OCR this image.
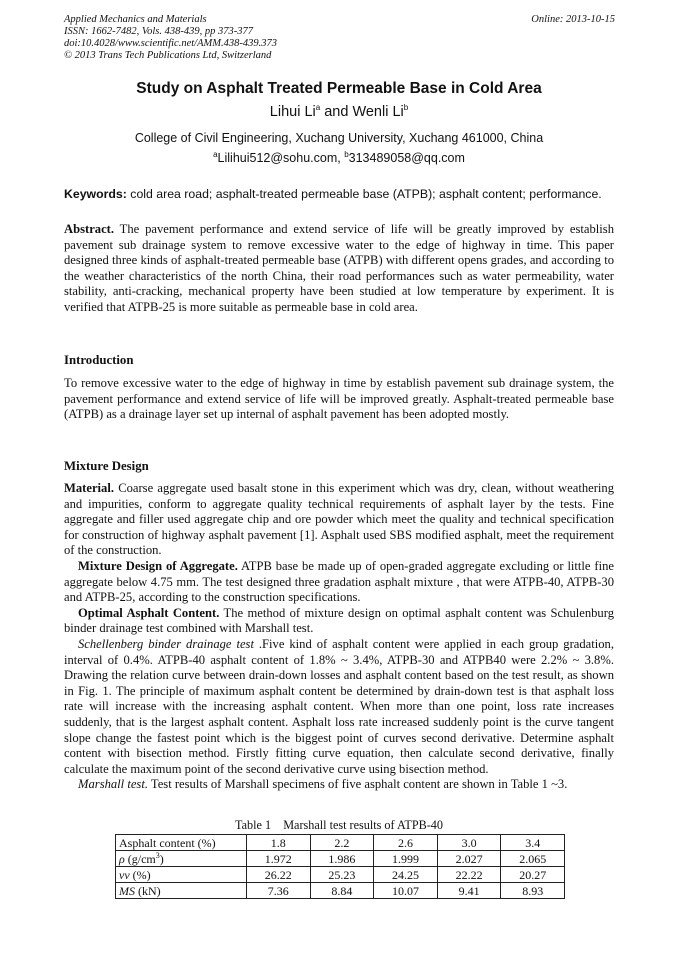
Applied Mechanics and Materials
ISSN: 1662-7482, Vols. 438-439, pp 373-377
doi:10.4028/www.scientific.net/AMM.438-439.373
© 2013 Trans Tech Publications Ltd, Switzerland
Online: 2013-10-15
Study on Asphalt Treated Permeable Base in Cold Area
Lihui Li$^a$ and Wenli Li$^b$
College of Civil Engineering, Xuchang University, Xuchang 461000, China
$^a$Lilihui512@sohu.com, $^b$313489058@qq.com
Keywords: cold area road; asphalt-treated permeable base (ATPB); asphalt content; performance.
Abstract. The pavement performance and extend service of life will be greatly improved by establish pavement sub drainage system to remove excessive water to the edge of highway in time. This paper designed three kinds of asphalt-treated permeable base (ATPB) with different opens grades, and according to the weather characteristics of the north China, their road performances such as water permeability, water stability, anti-cracking, mechanical property have been studied at low temperature by experiment. It is verified that ATPB-25 is more suitable as permeable base in cold area.
Introduction
To remove excessive water to the edge of highway in time by establish pavement sub drainage system, the pavement performance and extend service of life will be improved greatly. Asphalt-treated permeable base (ATPB) as a drainage layer set up internal of asphalt pavement has been adopted mostly.
Mixture Design
Material. Coarse aggregate used basalt stone in this experiment which was dry, clean, without weathering and impurities, conform to aggregate quality technical requirements of asphalt layer by the tests. Fine aggregate and filler used aggregate chip and ore powder which meet the quality and technical specification for construction of highway asphalt pavement [1]. Asphalt used SBS modified asphalt, meet the requirement of the construction.
Mixture Design of Aggregate. ATPB base be made up of open-graded aggregate excluding or little fine aggregate below 4.75 mm. The test designed three gradation asphalt mixture , that were ATPB-40, ATPB-30 and ATPB-25, according to the construction specifications.
Optimal Asphalt Content. The method of mixture design on optimal asphalt content was Schulenburg binder drainage test combined with Marshall test.
Schellenberg binder drainage test .Five kind of asphalt content were applied in each group gradation, interval of 0.4%. ATPB-40 asphalt content of 1.8% ~ 3.4%, ATPB-30 and ATPB40 were 2.2% ~ 3.8%. Drawing the relation curve between drain-down losses and asphalt content based on the test result, as shown in Fig. 1. The principle of maximum asphalt content be determined by drain-down test is that asphalt loss rate will increase with the increasing asphalt content. When more than one point, loss rate increases suddenly, that is the largest asphalt content. Asphalt loss rate increased suddenly point is the curve tangent slope change the fastest point which is the biggest point of curves second derivative. Determine asphalt content with bisection method. Firstly fitting curve equation, then calculate second derivative, finally calculate the maximum point of the second derivative curve using bisection method.
Marshall test. Test results of Marshall specimens of five asphalt content are shown in Table 1 ~3.
Table 1    Marshall test results of ATPB-40
Asphalt content (%)	1.8	2.2	2.6	3.0	3.4
ρ $(g/cm^3)$	1.972	1.986	1.999	2.027	2.065
vv (%)	26.22	25.23	24.25	22.22	20.27
MS (kN)	7.36	8.84	10.07	9.41	8.93
